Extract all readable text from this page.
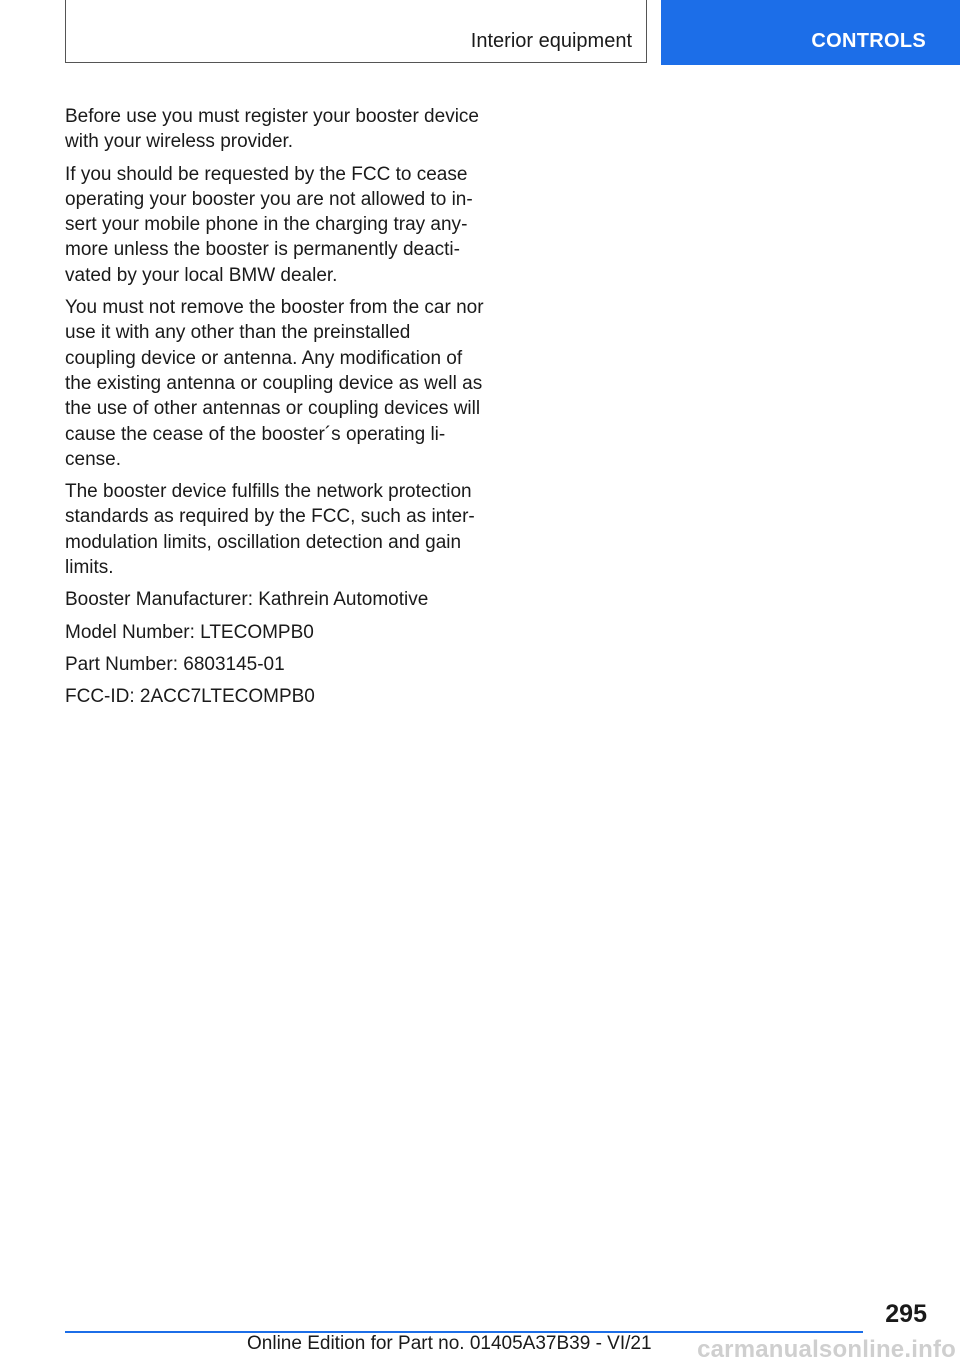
Interior equipment	CONTROLS

Before use you must register your booster device with your wireless provider.

If you should be requested by the FCC to cease operating your booster you are not allowed to insert your mobile phone in the charging tray anymore unless the booster is permanently deactivated by your local BMW dealer.

You must not remove the booster from the car nor use it with any other than the preinstalled coupling device or antenna. Any modification of the existing antenna or coupling device as well as the use of other antennas or coupling devices will cause the cease of the booster´s operating license.

The booster device fulfills the network protection standards as required by the FCC, such as intermodulation limits, oscillation detection and gain limits.

Booster Manufacturer: Kathrein Automotive

Model Number: LTECOMPB0

Part Number: 6803145-01

FCC-ID: 2ACC7LTECOMPB0

295
Online Edition for Part no. 01405A37B39 - VI/21 carmanualsonline.info
